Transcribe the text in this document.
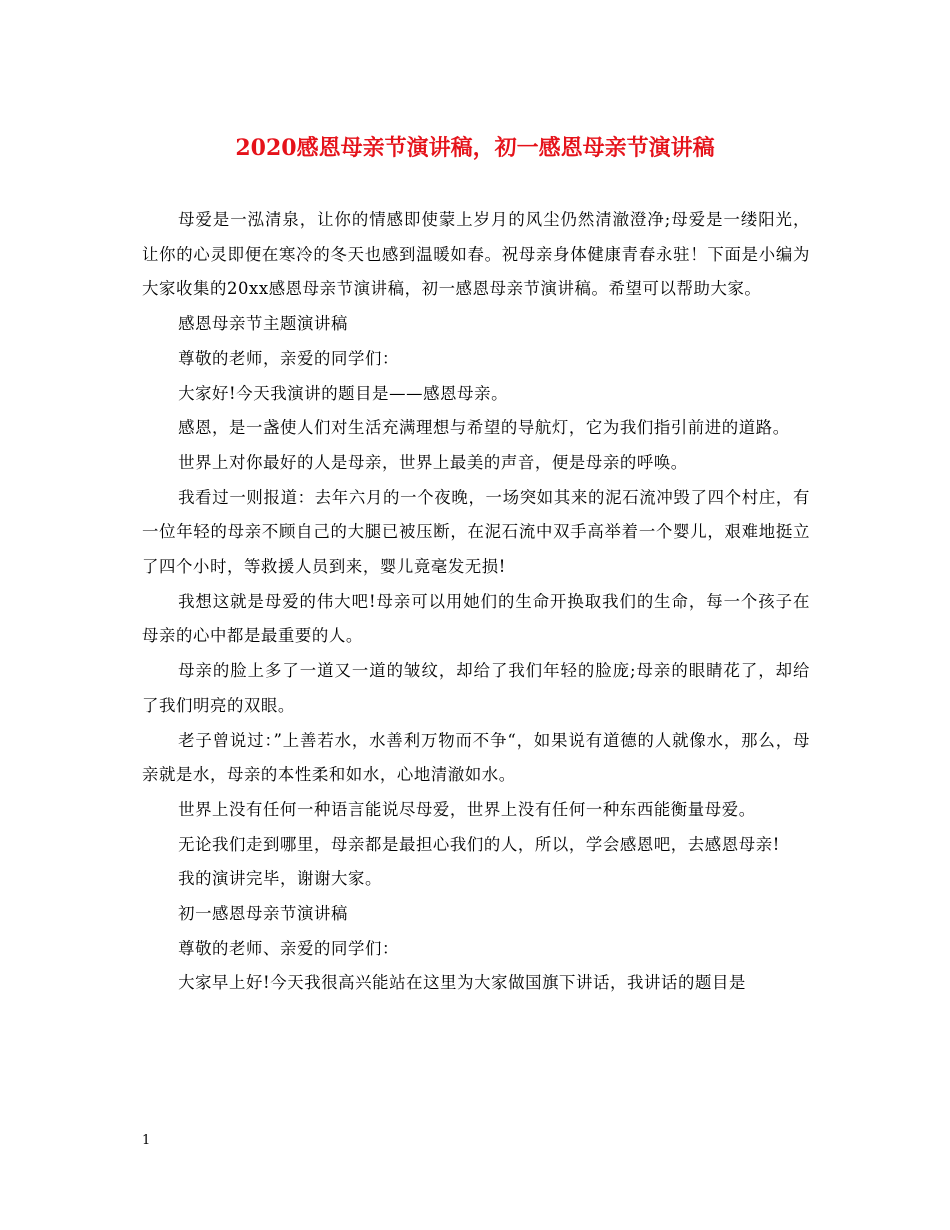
2020感恩母亲节演讲稿，初一感恩母亲节演讲稿

母爱是一泓清泉，让你的情感即使蒙上岁月的风尘仍然清澈澄净;母爱是一缕阳光，让你的心灵即便在寒冷的冬天也感到温暖如春。祝母亲身体健康青春永驻！下面是小编为大家收集的20xx感恩母亲节演讲稿，初一感恩母亲节演讲稿。希望可以帮助大家。

感恩母亲节主题演讲稿

尊敬的老师，亲爱的同学们：

大家好!今天我演讲的题目是——感恩母亲。

感恩，是一盏使人们对生活充满理想与希望的导航灯，它为我们指引前进的道路。

世界上对你最好的人是母亲，世界上最美的声音，便是母亲的呼唤。

我看过一则报道：去年六月的一个夜晚，一场突如其来的泥石流冲毁了四个村庄，有一位年轻的母亲不顾自己的大腿已被压断，在泥石流中双手高举着一个婴儿，艰难地挺立了四个小时，等救援人员到来，婴儿竟毫发无损!

我想这就是母爱的伟大吧!母亲可以用她们的生命开换取我们的生命，每一个孩子在母亲的心中都是最重要的人。

母亲的脸上多了一道又一道的皱纹，却给了我们年轻的脸庞;母亲的眼睛花了，却给了我们明亮的双眼。

老子曾说过：”上善若水，水善利万物而不争“，如果说有道德的人就像水，那么，母亲就是水，母亲的本性柔和如水，心地清澈如水。

世界上没有任何一种语言能说尽母爱，世界上没有任何一种东西能衡量母爱。

无论我们走到哪里，母亲都是最担心我们的人，所以，学会感恩吧，去感恩母亲!

我的演讲完毕，谢谢大家。

初一感恩母亲节演讲稿

尊敬的老师、亲爱的同学们：

大家早上好!今天我很高兴能站在这里为大家做国旗下讲话，我讲话的题目是

1
